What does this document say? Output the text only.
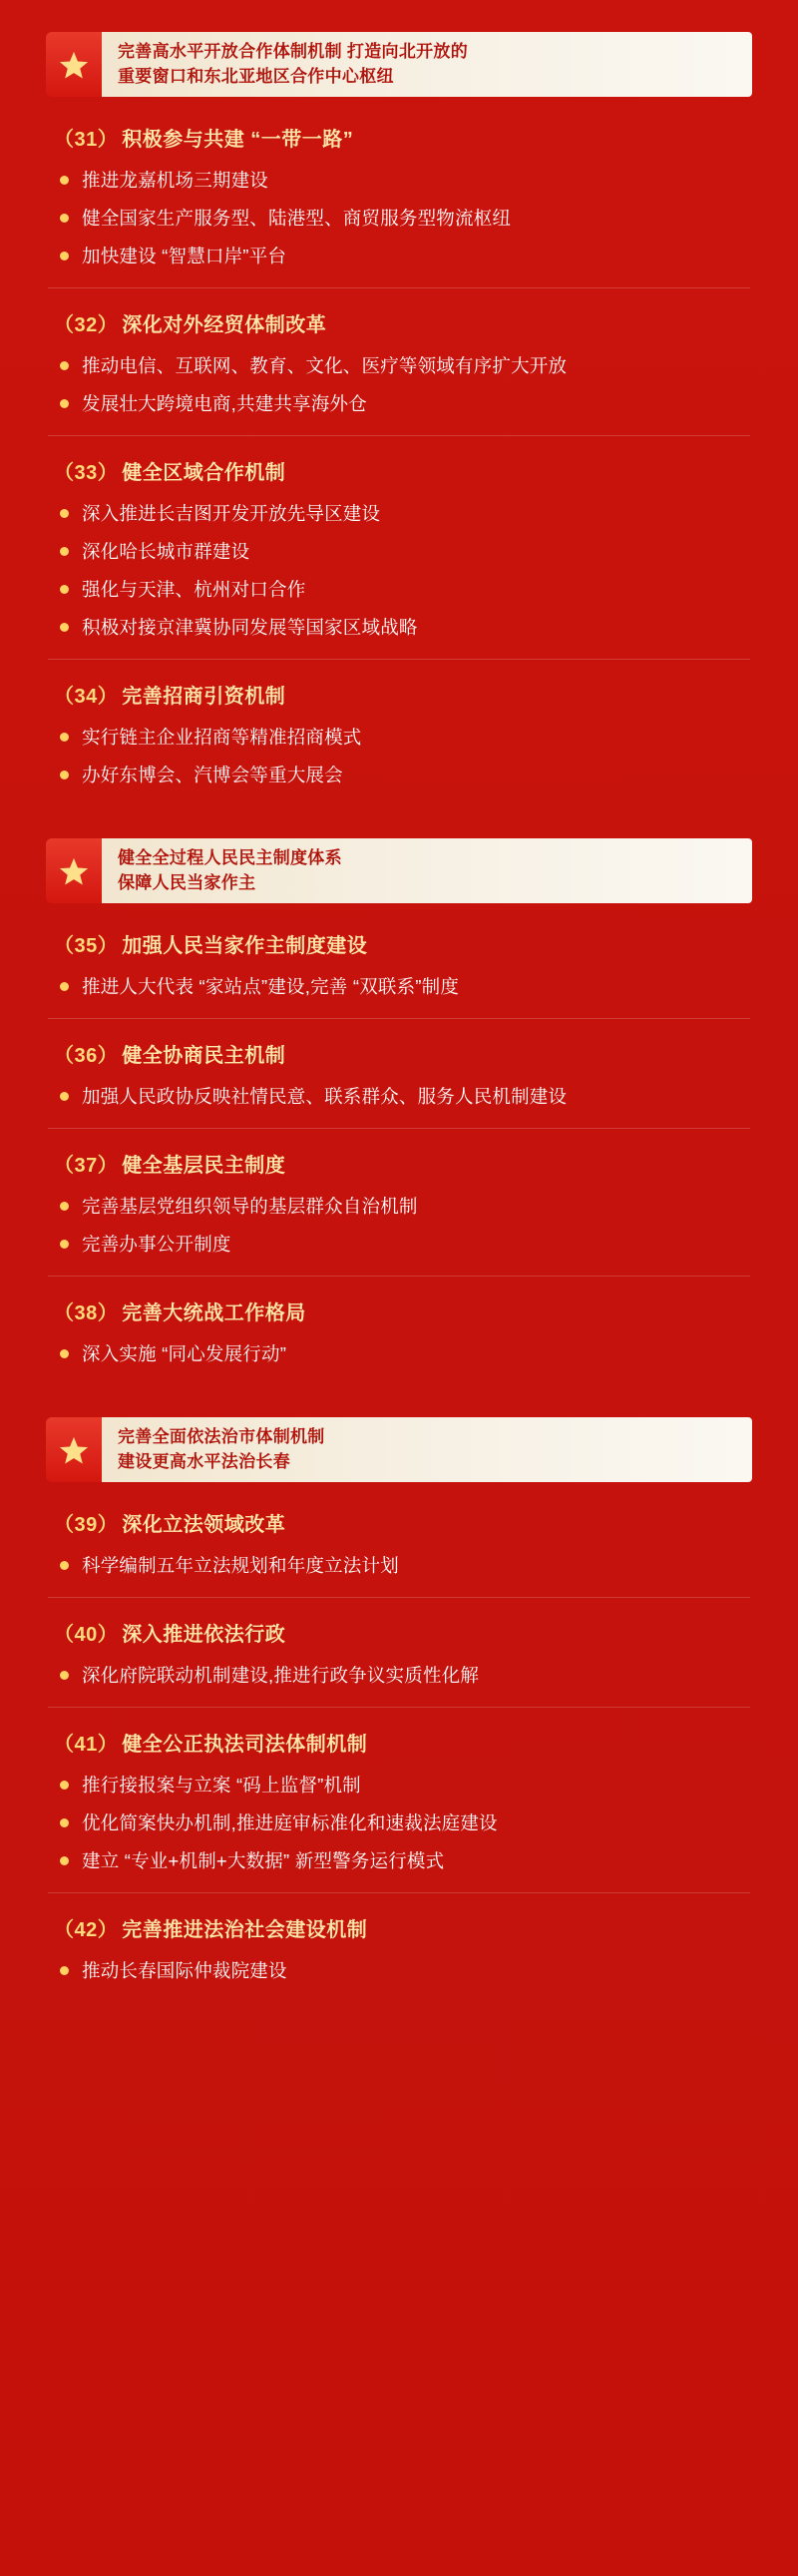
完善高水平开放合作体制机制 打造向北开放的
重要窗口和东北亚地区合作中心枢纽
（31） 积极参与共建 “一带一路”
推进龙嘉机场三期建设
健全国家生产服务型、陆港型、商贸服务型物流枢纽
加快建设 “智慧口岸”平台
（32） 深化对外经贸体制改革
推动电信、互联网、教育、文化、医疗等领域有序扩大开放
发展壮大跨境电商,共建共享海外仓
（33） 健全区域合作机制
深入推进长吉图开发开放先导区建设
深化哈长城市群建设
强化与天津、杭州对口合作
积极对接京津冀协同发展等国家区域战略
（34） 完善招商引资机制
实行链主企业招商等精准招商模式
办好东博会、汽博会等重大展会
健全全过程人民民主制度体系
保障人民当家作主
（35） 加强人民当家作主制度建设
推进人大代表 “家站点”建设,完善 “双联系”制度
（36） 健全协商民主机制
加强人民政协反映社情民意、联系群众、服务人民机制建设
（37） 健全基层民主制度
完善基层党组织领导的基层群众自治机制
完善办事公开制度
（38） 完善大统战工作格局
深入实施 “同心发展行动”
完善全面依法治市体制机制
建设更高水平法治长春
（39） 深化立法领域改革
科学编制五年立法规划和年度立法计划
（40） 深入推进依法行政
深化府院联动机制建设,推进行政争议实质性化解
（41） 健全公正执法司法体制机制
推行接报案与立案 “码上监督”机制
优化简案快办机制,推进庭审标准化和速裁法庭建设
建立 “专业+机制+大数据” 新型警务运行模式
（42） 完善推进法治社会建设机制
推动长春国际仲裁院建设
